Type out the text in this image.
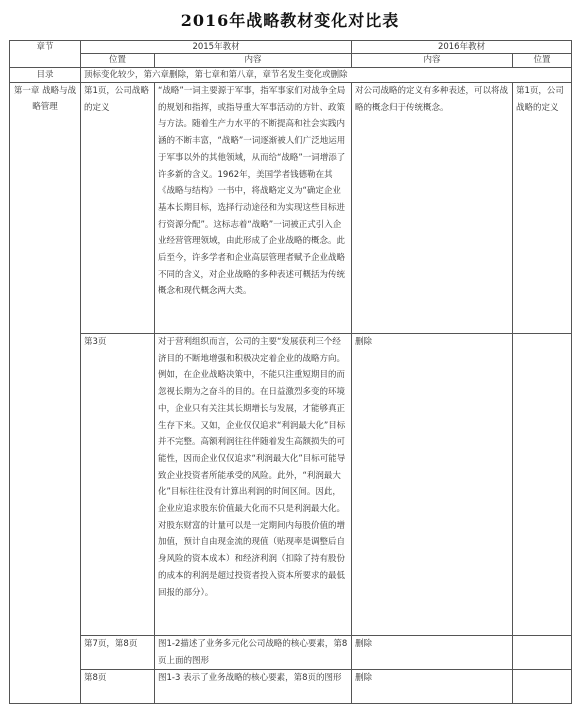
2016年战略教材变化对比表
章节	2015年教材		2016年教材	
	位置	内容	内容	位置
目录	顶标变化较少，第六章删除，第七章和第八章，章节名发生变化或删除			
第一章 战略与战略管理	第1页，公司战略的定义	“战略”一词主要源于军事，指军事家们对战争全局的规划和指挥，或指导重大军事活动的方针、政策与方法。随着生产力水平的不断提高和社会实践内涵的不断丰富，“战略”一词逐渐被人们广泛地运用于军事以外的其他领域，从而给“战略”一词增添了许多新的含义。1962年，美国学者钱德勒在其《战略与结构》一书中，将战略定义为“确定企业基本长期目标，选择行动途径和为实现这些目标进行资源分配”。这标志着“战略”一词被正式引入企业经营管理领域，由此形成了企业战略的概念。此后至今，许多学者和企业高层管理者赋予企业战略不同的含义，对企业战略的多种表述可概括为传统概念和现代概念两大类。	对公司战略的定义有多种表述，可以将战略的概念归于传统概念。	第1页，公司战略的定义
	第3页	对于营利组织而言，公司的主要“发展获利三个经济目的不断地增强和积极决定着企业的战略方向。例如，在企业战略决策中，不能只注重短期目的而忽视长期为之奋斗的目的。在日益激烈多变的环境中，企业只有关注其长期增长与发展，才能够真正生存下来。又如，企业仅仅追求“利润最大化”目标并不完整。高额利润往往伴随着发生高额损失的可能性，因而企业仅仅追求“利润最大化”目标可能导致企业投资者所能承受的风险。此外，“利润最大化”目标往往没有计算出利润的时间区间。因此，企业应追求股东价值最大化而不只是利润最大化。对股东财富的计量可以是一定期间内每股价值的增加值，预计自由现金流的现值（贴现率是调整后自身风险的资本成本）和经济利润（扣除了持有股份的成本的利润是超过投资者投入资本所要求的最低回报的部分）。	删除	
	第7页，第8页	图1-2描述了业务多元化公司战略的核心要素，第8页上面的图形	删除	
	第8页	图1-3 表示了业务战略的核心要素，第8页的图形	删除	
